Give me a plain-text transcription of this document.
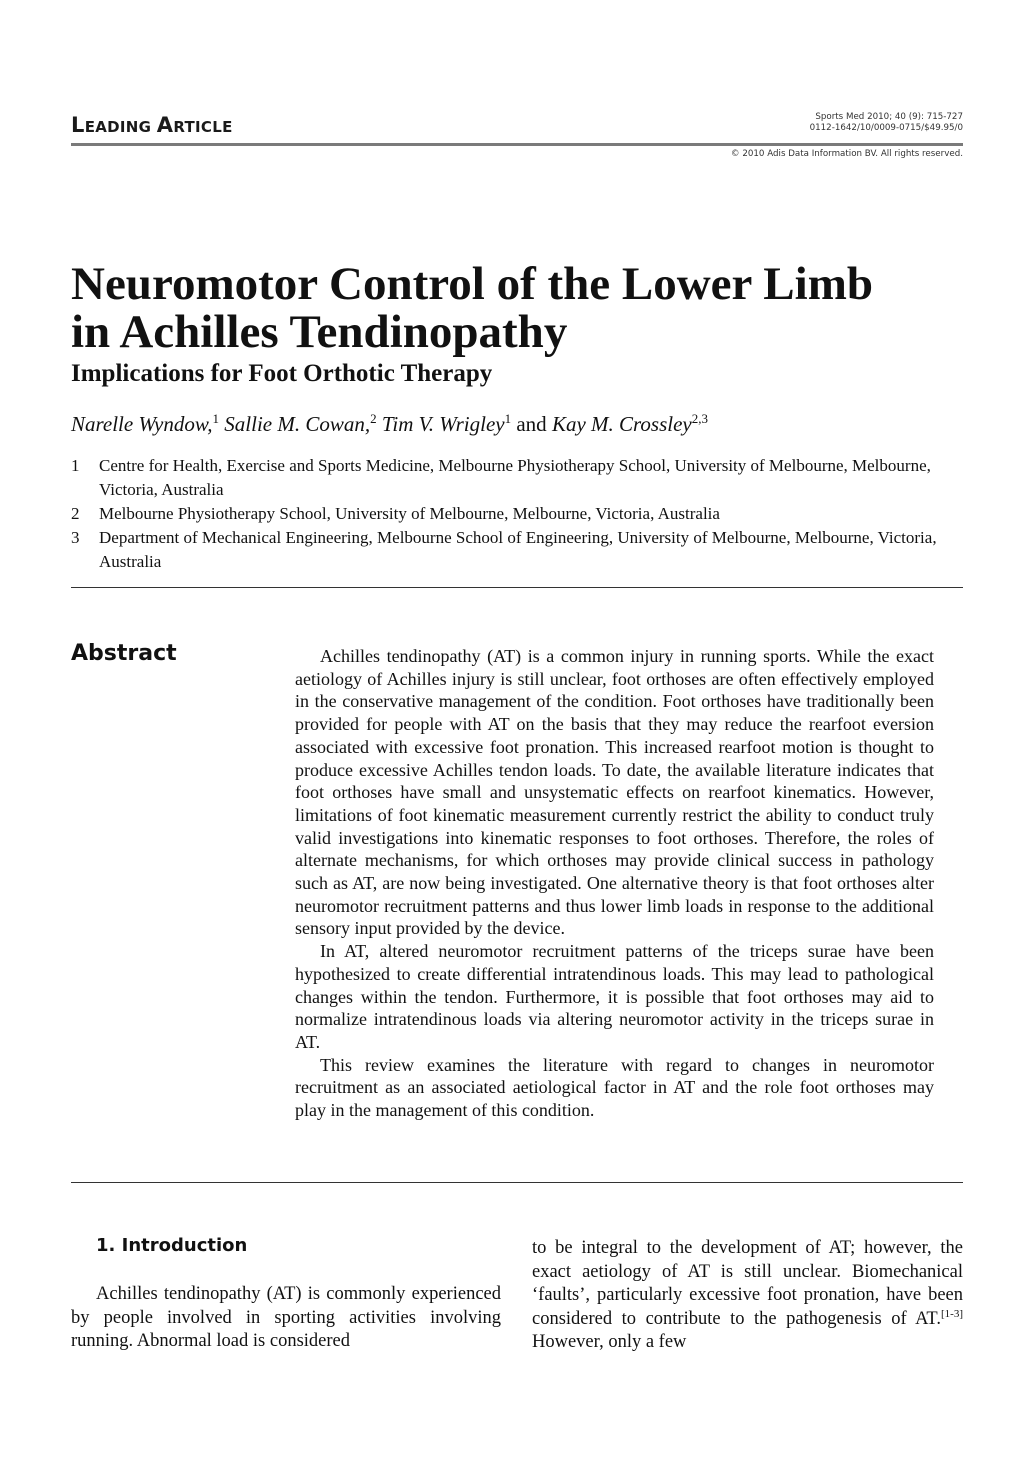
LEADING ARTICLE
Sports Med 2010; 40 (9): 715-727
0112-1642/10/0009-0715/$49.95/0
© 2010 Adis Data Information BV. All rights reserved.
Neuromotor Control of the Lower Limb
in Achilles Tendinopathy
Implications for Foot Orthotic Therapy
Narelle Wyndow,$^1$ Sallie M. Cowan,$^2$ Tim V. Wrigley$^1$ and Kay M. Crossley$^{2,3}$
1	Centre for Health, Exercise and Sports Medicine, Melbourne Physiotherapy School, University of Melbourne, Melbourne, Victoria, Australia
2	Melbourne Physiotherapy School, University of Melbourne, Melbourne, Victoria, Australia
3	Department of Mechanical Engineering, Melbourne School of Engineering, University of Melbourne, Melbourne, Victoria, Australia
Abstract	Achilles tendinopathy (AT) is a common injury in running sports. While the exact aetiology of Achilles injury is still unclear, foot orthoses are often effectively employed in the conservative management of the condition. Foot orthoses have traditionally been provided for people with AT on the basis that they may reduce the rearfoot eversion associated with excessive foot pronation. This increased rearfoot motion is thought to produce excessive Achilles tendon loads. To date, the available literature indicates that foot orthoses have small and unsystematic effects on rearfoot kinematics. However, limitations of foot kinematic measurement currently restrict the ability to conduct truly valid investigations into kinematic responses to foot orthoses. Therefore, the roles of alternate mechanisms, for which orthoses may provide clinical success in pathology such as AT, are now being investigated. One alternative theory is that foot orthoses alter neuromotor recruitment patterns and thus lower limb loads in response to the additional sensory input provided by the device.

In AT, altered neuromotor recruitment patterns of the triceps surae have been hypothesized to create differential intratendinous loads. This may lead to pathological changes within the tendon. Furthermore, it is possible that foot orthoses may aid to normalize intratendinous loads via altering neuromotor activity in the triceps surae in AT.

This review examines the literature with regard to changes in neuromotor recruitment as an associated aetiological factor in AT and the role foot orthoses may play in the management of this condition.

1. Introduction

Achilles tendinopathy (AT) is commonly experienced by people involved in sporting activities involving running. Abnormal load is considered

to be integral to the development of AT; however, the exact aetiology of AT is still unclear. Biomechanical ‘faults’, particularly excessive foot pronation, have been considered to contribute to the pathogenesis of AT.[1-3] However, only a few
